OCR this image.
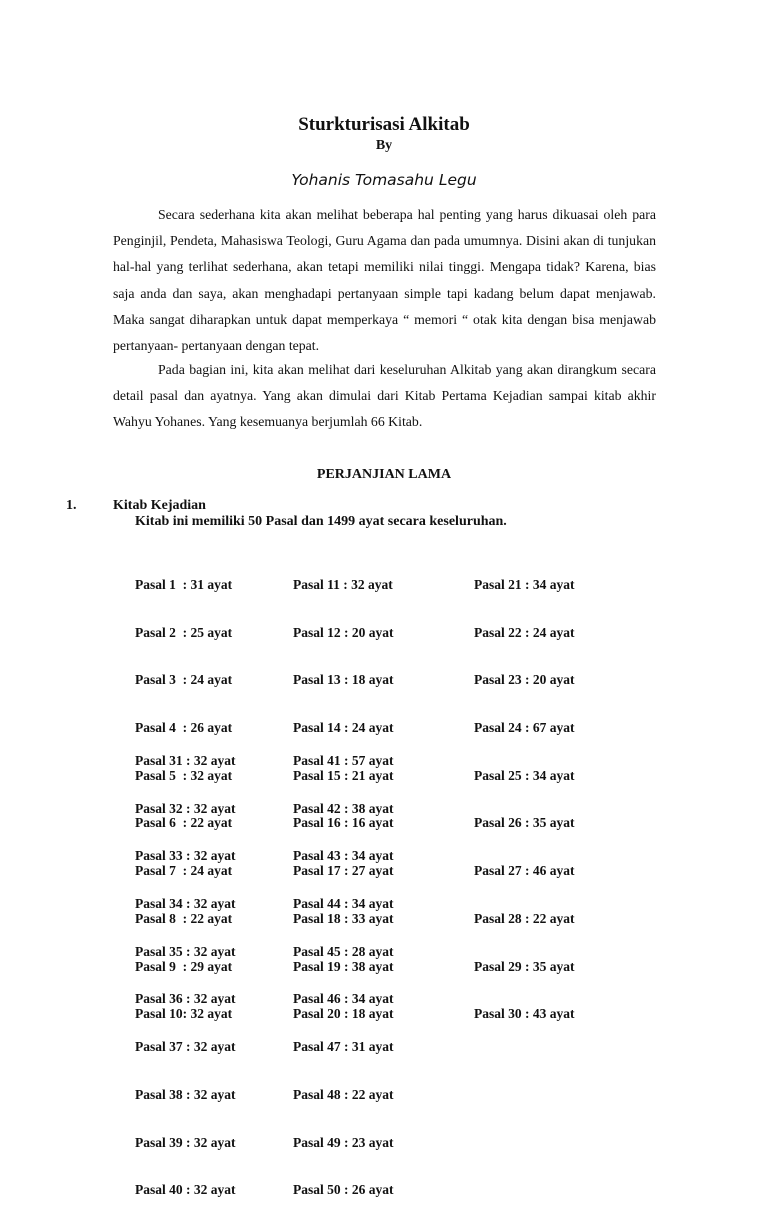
Sturkturisasi Alkitab
By
Yohanis Tomasahu Legu

Secara sederhana kita akan melihat beberapa hal penting yang harus dikuasai oleh para Penginjil, Pendeta, Mahasiswa Teologi, Guru Agama dan pada umumnya. Disini akan di tunjukan hal-hal yang terlihat sederhana, akan tetapi memiliki nilai tinggi. Mengapa tidak? Karena, bias saja anda dan saya, akan menghadapi pertanyaan simple tapi kadang belum dapat menjawab. Maka sangat diharapkan untuk dapat memperkaya “ memori “ otak kita dengan bisa menjawab pertanyaan- pertanyaan dengan tepat.

Pada bagian ini, kita akan melihat dari keseluruhan Alkitab yang akan dirangkum secara detail pasal dan ayatnya. Yang akan dimulai dari Kitab Pertama Kejadian sampai kitab akhir Wahyu Yohanes. Yang kesemuanya berjumlah 66 Kitab.

PERJANJIAN LAMA
1.	Kitab Kejadian
Kitab ini memiliki 50 Pasal dan 1499 ayat secara keseluruhan.

Pasal 1  : 31 ayat

Pasal 2  : 25 ayat

Pasal 3  : 24 ayat

Pasal 4  : 26 ayat

Pasal 5  : 32 ayat

Pasal 6  : 22 ayat

Pasal 7  : 24 ayat

Pasal 8  : 22 ayat

Pasal 9  : 29 ayat

Pasal 10: 32 ayat

Pasal 11 : 32 ayat

Pasal 12 : 20 ayat

Pasal 13 : 18 ayat

Pasal 14 : 24 ayat

Pasal 15 : 21 ayat

Pasal 16 : 16 ayat

Pasal 17 : 27 ayat

Pasal 18 : 33 ayat

Pasal 19 : 38 ayat

Pasal 20 : 18 ayat

Pasal 21 : 34 ayat

Pasal 22 : 24 ayat

Pasal 23 : 20 ayat

Pasal 24 : 67 ayat

Pasal 25 : 34 ayat

Pasal 26 : 35 ayat

Pasal 27 : 46 ayat

Pasal 28 : 22 ayat

Pasal 29 : 35 ayat

Pasal 30 : 43 ayat

Pasal 31 : 32 ayat

Pasal 32 : 32 ayat

Pasal 33 : 32 ayat

Pasal 34 : 32 ayat

Pasal 35 : 32 ayat

Pasal 36 : 32 ayat

Pasal 37 : 32 ayat

Pasal 38 : 32 ayat

Pasal 39 : 32 ayat

Pasal 40 : 32 ayat

Pasal 41 : 57 ayat

Pasal 42 : 38 ayat

Pasal 43 : 34 ayat

Pasal 44 : 34 ayat

Pasal 45 : 28 ayat

Pasal 46 : 34 ayat

Pasal 47 : 31 ayat

Pasal 48 : 22 ayat

Pasal 49 : 23 ayat

Pasal 50 : 26 ayat
